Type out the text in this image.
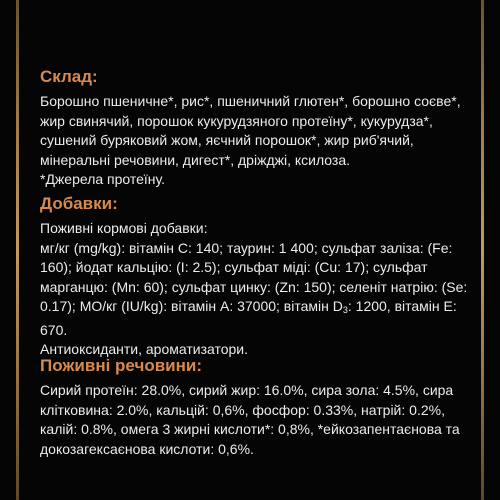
Склад:

Борошно пшеничне*, рис*, пшеничний глютен*, борошно соєве*, жир свинячий, порошок кукурудзяного протеїну*, кукурудза*, сушений буряковий жом, яєчний порошок*, жир риб'ячий, мінеральні речовини, дигест*, дріжджі, ксилоза.

*Джерела протеїну.

Добавки:

Поживні кормові добавки:

мг/кг (mg/kg): вітамін С: 140; таурин: 1 400; сульфат заліза: (Fe: 160); йодат кальцію: (I: 2.5); сульфат міді: (Cu: 17); сульфат марганцю: (Mn: 60); сульфат цинку: (Zn: 150); селеніт натрію: (Se: 0.17); МО/кг (IU/kg): вітамін А: 37000; вітамін $D_3$: 1200, вітамін Е: 670.

Антиоксиданти, ароматизатори.

Поживні речовини:

Сирий протеїн: 28.0%, сирий жир: 16.0%, сира зола: 4.5%, сира клітковина: 2.0%, кальцій: 0,6%, фосфор: 0.33%, натрій: 0.2%, калій: 0.8%, омега 3 жирні кислоти*: 0,8%, *ейкозапентаєнова та докозагексаєнова кислоти: 0,6%.
